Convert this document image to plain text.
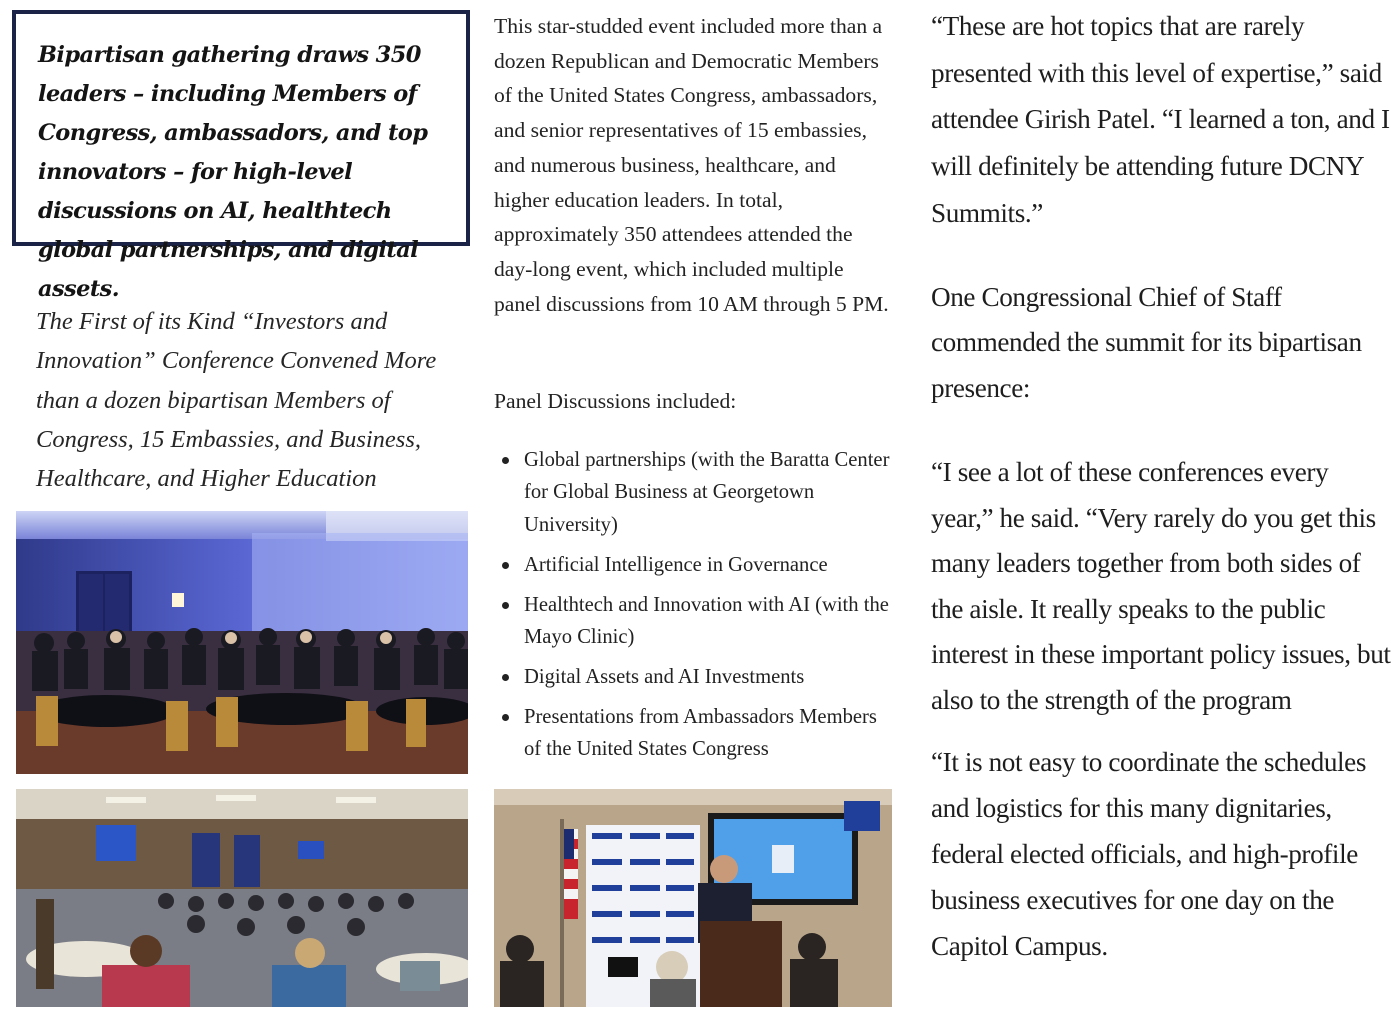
Bipartisan gathering draws 350 leaders – including Members of Congress, ambassadors, and top innovators – for high-level discussions on AI, healthtech global partnerships, and digital assets.

The First of its Kind “Investors and Innovation” Conference Convened More than a dozen bipartisan Members of Congress, 15 Embassies, and Business, Healthcare, and Higher Education

This star-studded event included more than a dozen Republican and Democratic Members of the United States Congress, ambassadors, and senior representatives of 15 embassies, and numerous business, healthcare, and higher education leaders. In total, approximately 350 attendees attended the day-long event, which included multiple panel discussions from 10 AM through 5 PM.

Panel Discussions included:

Global partnerships (with the Baratta Center for Global Business at Georgetown University)
Artificial Intelligence in Governance
Healthtech and Innovation with AI (with the Mayo Clinic)
Digital Assets and AI Investments
Presentations from Ambassadors Members of the United States Congress

“These are hot topics that are rarely presented with this level of expertise,” said attendee Girish Patel. “I learned a ton, and I will definitely be attending future DCNY Summits.”

One Congressional Chief of Staff commended the summit for its bipartisan presence:

“I see a lot of these conferences every year,” he said. “Very rarely do you get this many leaders together from both sides of the aisle. It really speaks to the public interest in these important policy issues, but also to the strength of the program

“It is not easy to coordinate the schedules and logistics for this many dignitaries, federal elected officials, and high-profile business executives for one day on the Capitol Campus.
